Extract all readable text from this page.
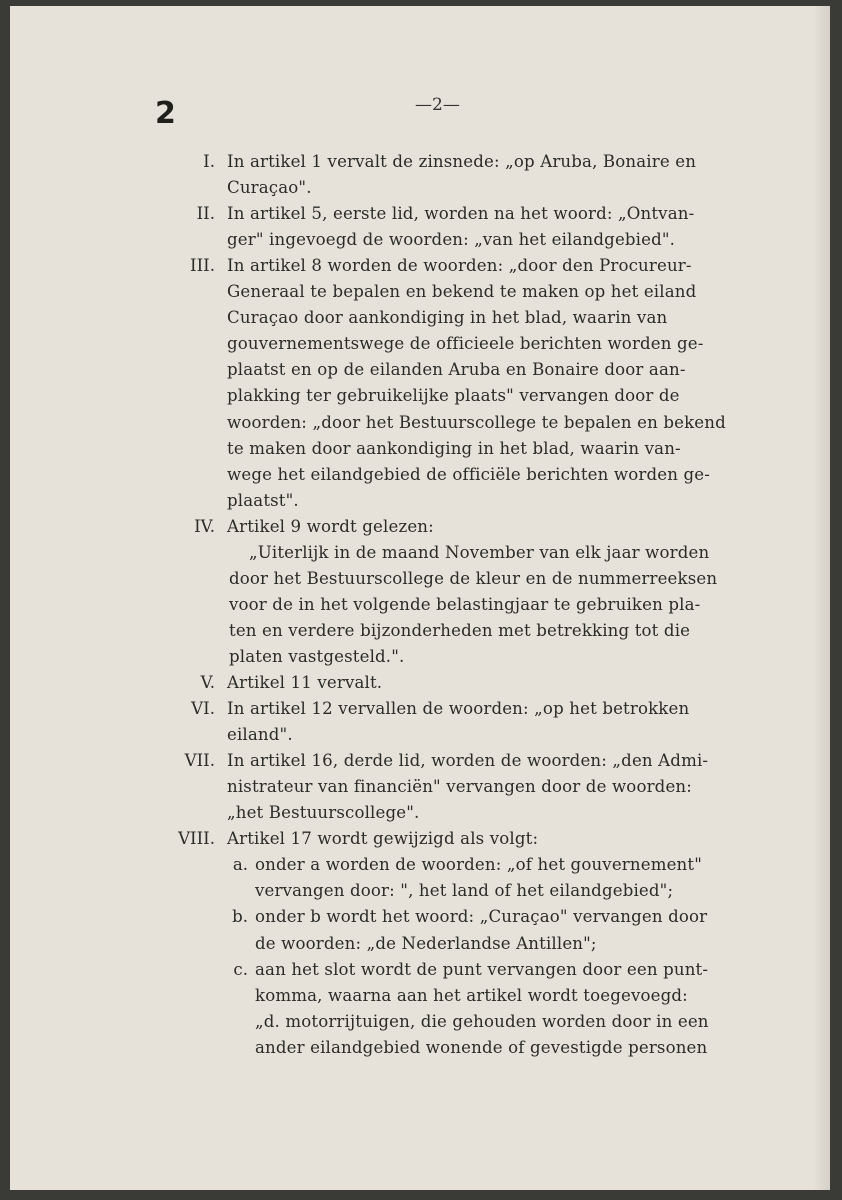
2	—2—
I. In artikel 1 vervalt de zinsnede: „op Aruba, Bonaire en
Curaçao".
II. In artikel 5, eerste lid, worden na het woord: „Ontvan-
ger" ingevoegd de woorden: „van het eilandgebied".
III. In artikel 8 worden de woorden: „door den Procureur-
Generaal te bepalen en bekend te maken op het eiland
Curaçao door aankondiging in het blad, waarin van
gouvernementswege de officieele berichten worden ge-
plaatst en op de eilanden Aruba en Bonaire door aan-
plakking ter gebruikelijke plaats" vervangen door de
woorden: „door het Bestuurscollege te bepalen en bekend
te maken door aankondiging in het blad, waarin van-
wege het eilandgebied de officiële berichten worden ge-
plaatst".
IV. Artikel 9 wordt gelezen:
„Uiterlijk in de maand November van elk jaar worden
door het Bestuurscollege de kleur en de nummerreeksen
voor de in het volgende belastingjaar te gebruiken pla-
ten en verdere bijzonderheden met betrekking tot die
platen vastgesteld.".
V. Artikel 11 vervalt.
VI. In artikel 12 vervallen de woorden: „op het betrokken
eiland".
VII. In artikel 16, derde lid, worden de woorden: „den Admi-
nistrateur van financiën" vervangen door de woorden:
„het Bestuurscollege".
VIII. Artikel 17 wordt gewijzigd als volgt:
a. onder a worden de woorden: „of het gouvernement"
vervangen door: ", het land of het eilandgebied";
b. onder b wordt het woord: „Curaçao" vervangen door
de woorden: „de Nederlandse Antillen";
c. aan het slot wordt de punt vervangen door een punt-
komma, waarna aan het artikel wordt toegevoegd:
„d. motorrijtuigen, die gehouden worden door in een
ander eilandgebied wonende of gevestigde personen
